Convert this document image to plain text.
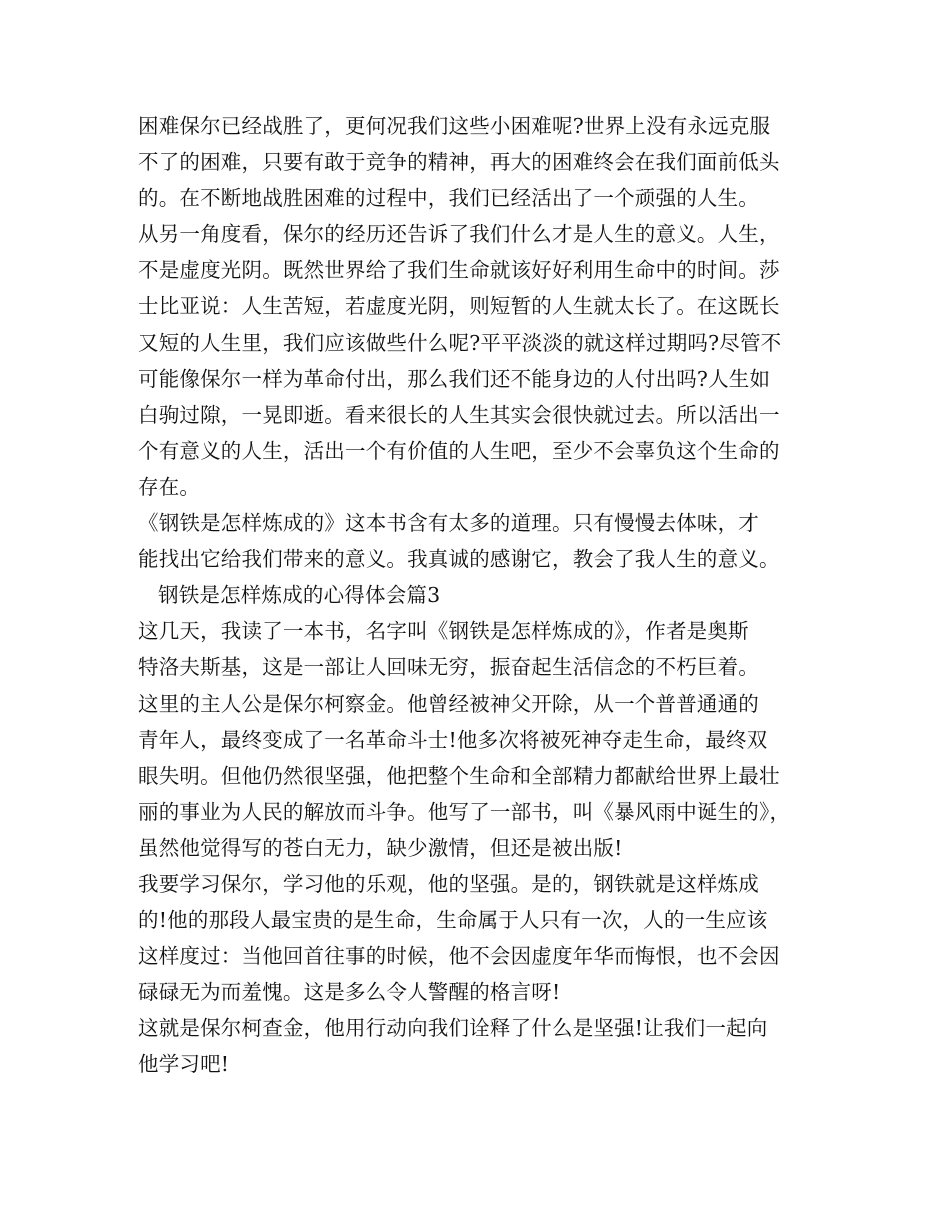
困难保尔已经战胜了，更何况我们这些小困难呢?世界上没有永远克服
不了的困难，只要有敢于竞争的精神，再大的困难终会在我们面前低头
的。在不断地战胜困难的过程中，我们已经活出了一个顽强的人生。
从另一角度看，保尔的经历还告诉了我们什么才是人生的意义。人生，
不是虚度光阴。既然世界给了我们生命就该好好利用生命中的时间。莎
士比亚说：人生苦短，若虚度光阴，则短暂的人生就太长了。在这既长
又短的人生里，我们应该做些什么呢?平平淡淡的就这样过期吗?尽管不
可能像保尔一样为革命付出，那么我们还不能身边的人付出吗?人生如
白驹过隙，一晃即逝。看来很长的人生其实会很快就过去。所以活出一
个有意义的人生，活出一个有价值的人生吧，至少不会辜负这个生命的
存在。
《钢铁是怎样炼成的》这本书含有太多的道理。只有慢慢去体味，才
能找出它给我们带来的意义。我真诚的感谢它，教会了我人生的意义。
钢铁是怎样炼成的心得体会篇3
这几天，我读了一本书，名字叫《钢铁是怎样炼成的》，作者是奥斯
特洛夫斯基，这是一部让人回味无穷，振奋起生活信念的不朽巨着。
这里的主人公是保尔柯察金。他曾经被神父开除，从一个普普通通的
青年人，最终变成了一名革命斗士!他多次将被死神夺走生命，最终双
眼失明。但他仍然很坚强，他把整个生命和全部精力都献给世界上最壮
丽的事业为人民的解放而斗争。他写了一部书，叫《暴风雨中诞生的》，
虽然他觉得写的苍白无力，缺少激情，但还是被出版!
我要学习保尔，学习他的乐观，他的坚强。是的，钢铁就是这样炼成
的!他的那段人最宝贵的是生命，生命属于人只有一次，人的一生应该
这样度过：当他回首往事的时候，他不会因虚度年华而悔恨，也不会因
碌碌无为而羞愧。这是多么令人警醒的格言呀!
这就是保尔柯查金，他用行动向我们诠释了什么是坚强!让我们一起向
他学习吧!
